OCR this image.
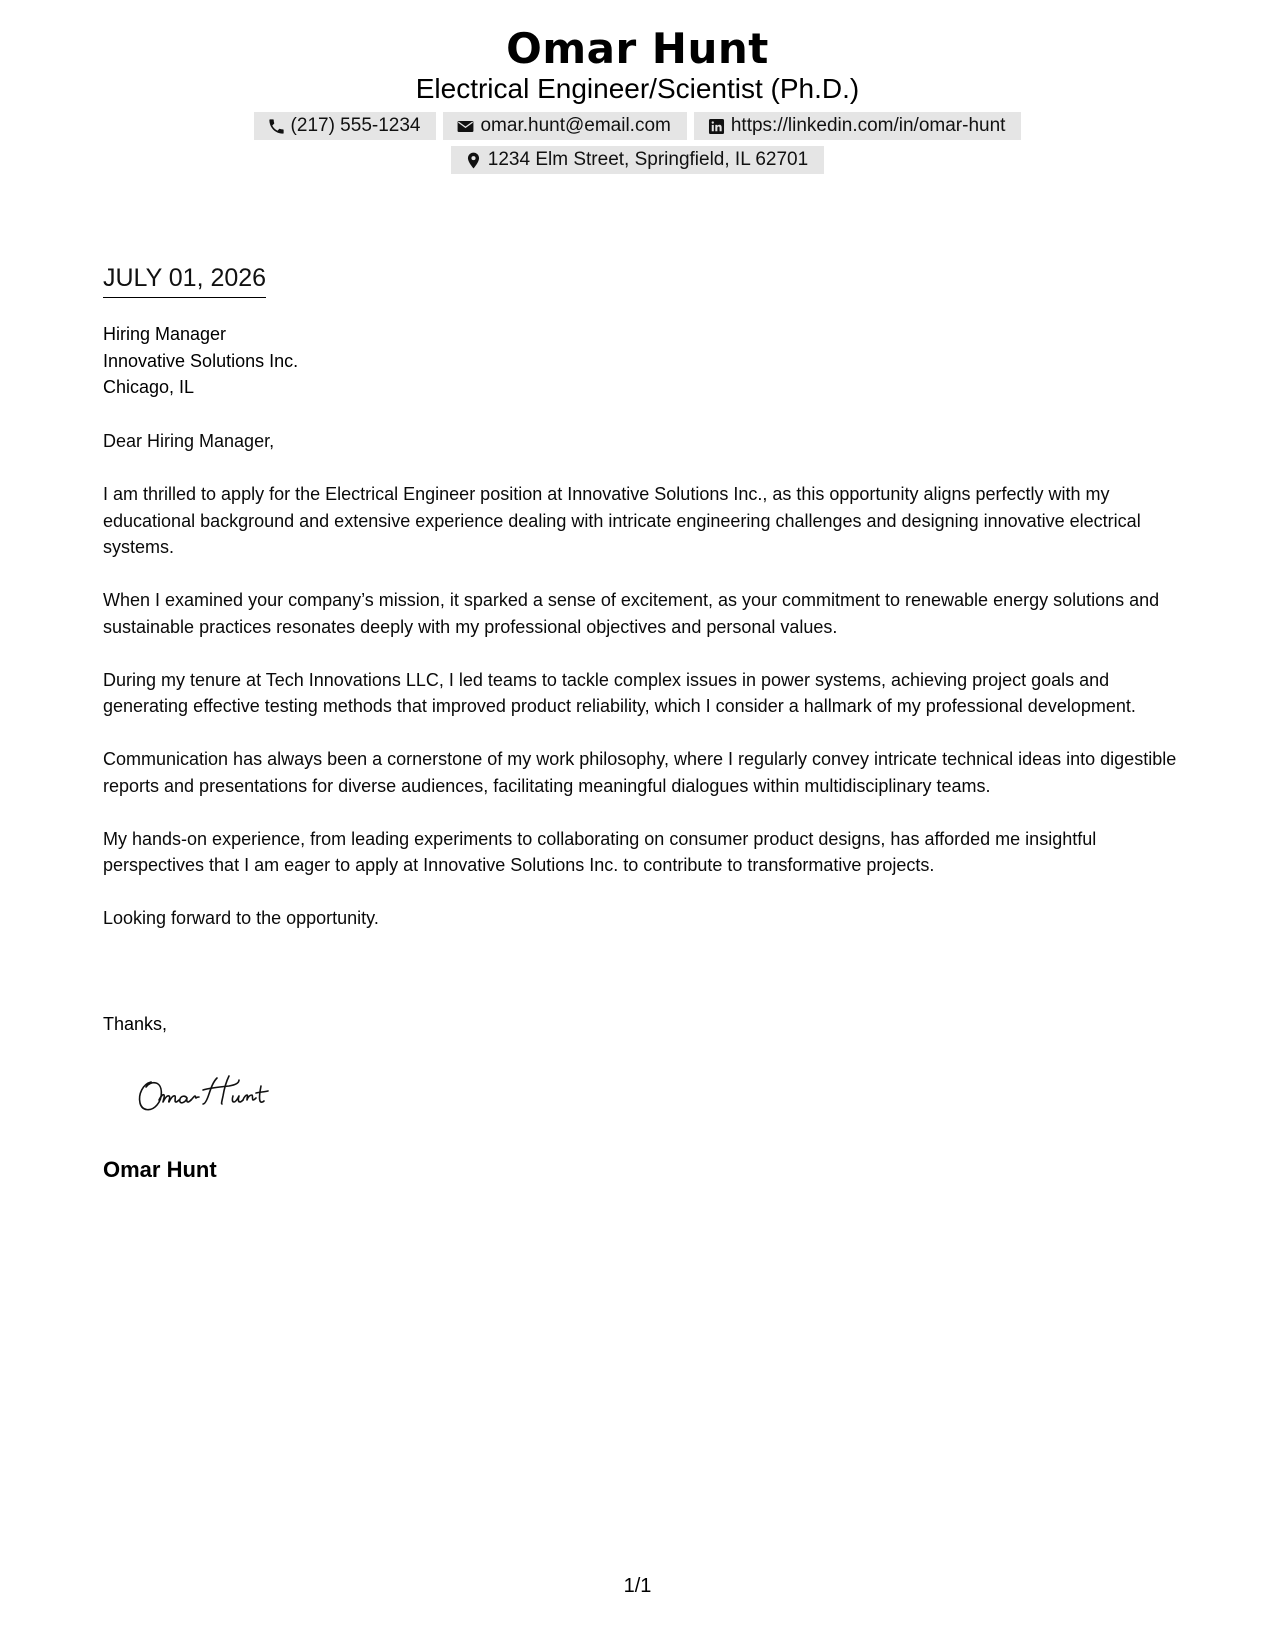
Omar Hunt
Electrical Engineer/Scientist (Ph.D.)
(217) 555-1234	omar.hunt@email.com	https://linkedin.com/in/omar-hunt
1234 Elm Street, Springfield, IL 62701
JULY 01, 2026
Hiring Manager
Innovative Solutions Inc.
Chicago, IL

Dear Hiring Manager,

I am thrilled to apply for the Electrical Engineer position at Innovative Solutions Inc., as this opportunity aligns perfectly with my educational background and extensive experience dealing with intricate engineering challenges and designing innovative electrical systems.

When I examined your company’s mission, it sparked a sense of excitement, as your commitment to renewable energy solutions and sustainable practices resonates deeply with my professional objectives and personal values.

During my tenure at Tech Innovations LLC, I led teams to tackle complex issues in power systems, achieving project goals and generating effective testing methods that improved product reliability, which I consider a hallmark of my professional development.

Communication has always been a cornerstone of my work philosophy, where I regularly convey intricate technical ideas into digestible reports and presentations for diverse audiences, facilitating meaningful dialogues within multidisciplinary teams.

My hands-on experience, from leading experiments to collaborating on consumer product designs, has afforded me insightful perspectives that I am eager to apply at Innovative Solutions Inc. to contribute to transformative projects.

Looking forward to the opportunity.

Thanks,
Omar Hunt
1/1
